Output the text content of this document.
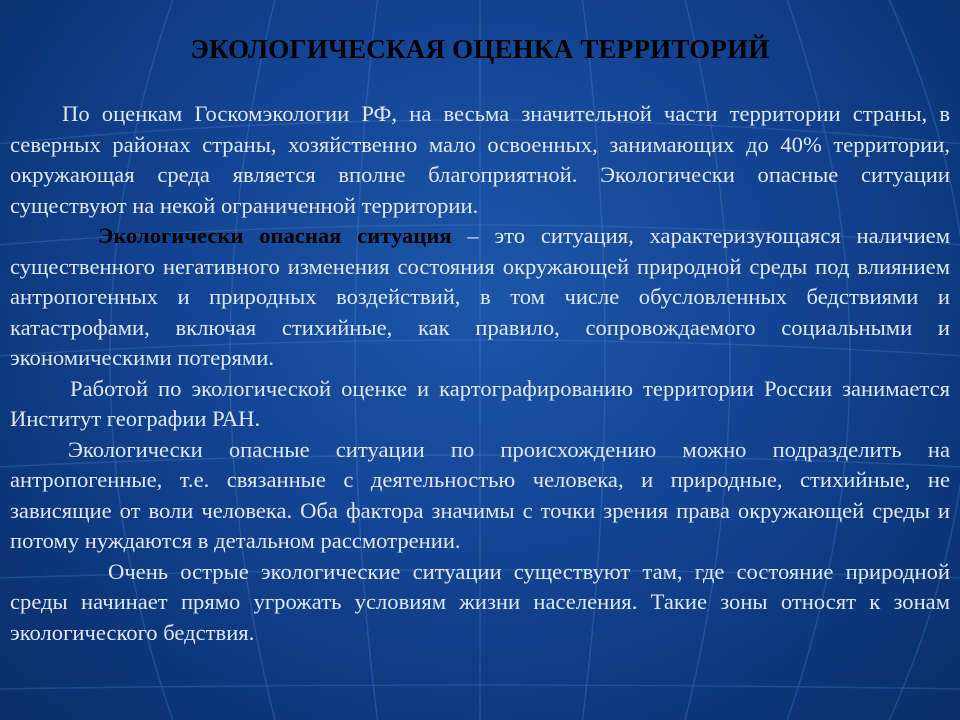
ЭКОЛОГИЧЕСКАЯ ОЦЕНКА ТЕРРИТОРИЙ

По оценкам Госкомэкологии РФ, на весьма значительной части территории страны, в северных районах страны, хозяйственно мало освоенных, занимающих до 40% территории, окружающая среда является вполне благоприятной. Экологически опасные ситуации существуют на некой ограниченной территории.

Экологически опасная ситуация – это ситуация, характеризующаяся наличием существенного негативного изменения состояния окружающей природной среды под влиянием антропогенных и природных воздействий, в том числе обусловленных бедствиями и катастрофами, включая стихийные, как правило, сопровождаемого социальными и экономическими потерями.

Работой по экологической оценке и картографированию территории России занимается Институт географии РАН.

Экологически опасные ситуации по происхождению можно подразделить на антропогенные, т.е. связанные с деятельностью человека, и природные, стихийные, не зависящие от воли человека. Оба фактора значимы с точки зрения права окружающей среды и потому нуждаются в детальном рассмотрении.

Очень острые экологические ситуации существуют там, где состояние природной среды начинает прямо угрожать условиям жизни населения. Такие зоны относят к зонам экологического бедствия.
